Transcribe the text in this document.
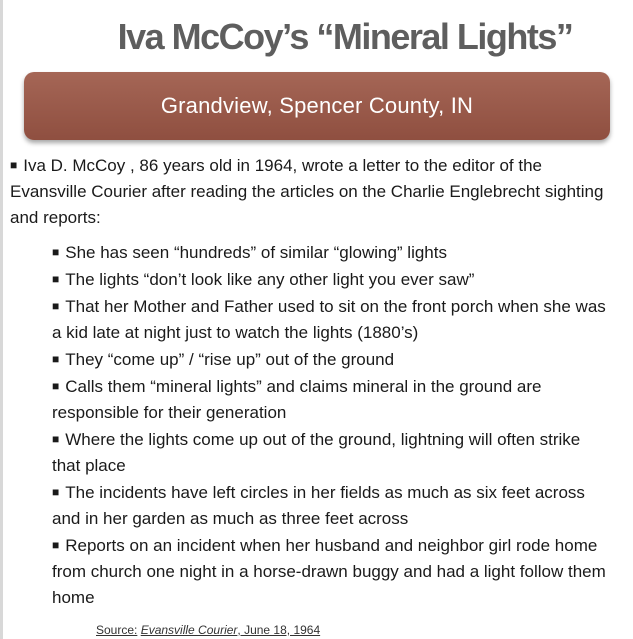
Iva McCoy’s “Mineral Lights”
Grandview, Spencer County, IN

■ Iva D. McCoy , 86 years old in 1964, wrote a letter to the editor of the Evansville Courier after reading the articles on the Charlie Englebrecht sighting and reports:

■ She has seen “hundreds” of similar “glowing” lights
■ The lights “don’t look like any other light you ever saw”
■ That her Mother and Father used to sit on the front porch when she was a kid late at night just to watch the lights (1880’s)
■ They “come up” / “rise up” out of the ground
■ Calls them “mineral lights” and claims mineral in the ground are responsible for their generation
■ Where the lights come up out of the ground, lightning will often strike that place
■ The incidents have left circles in her fields as much as six feet across and in her garden as much as three feet across
■ Reports on an incident when her husband and neighbor girl rode home from church one night in a horse-drawn buggy and had a light follow them home
Source: Evansville Courier, June 18, 1964
